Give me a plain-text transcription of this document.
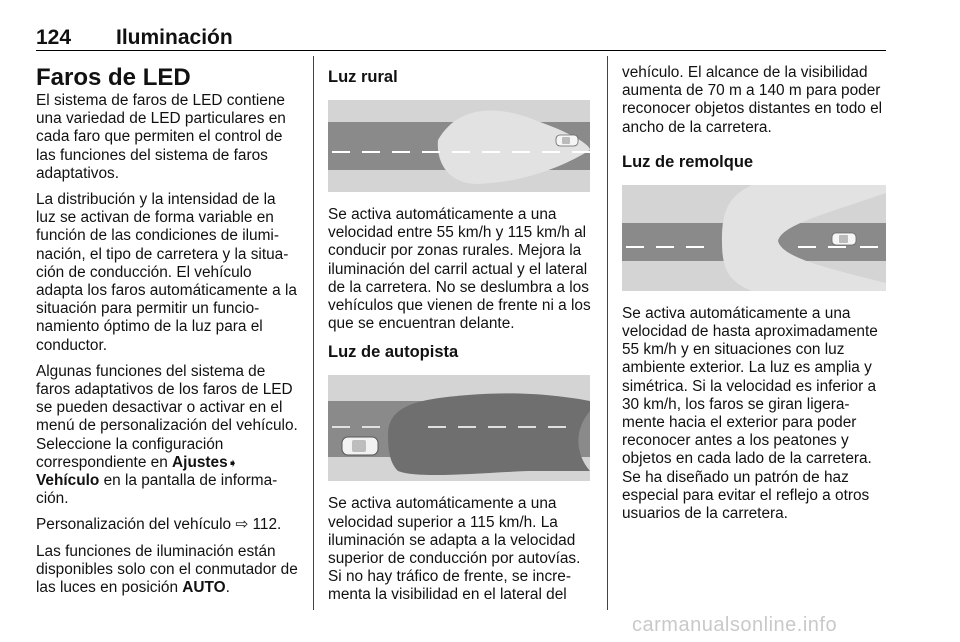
124 Iluminación
Faros de LED

El sistema de faros de LED contiene una variedad de LED particulares en cada faro que permiten el control de las funciones del sistema de faros adaptativos.

La distribución y la intensidad de la luz se activan de forma variable en función de las condiciones de ilumi- nación, el tipo de carretera y la situa- ción de conducción. El vehículo adapta los faros automáticamente a la situación para permitir un funcio- namiento óptimo de la luz para el conductor.

Algunas funciones del sistema de faros adaptativos de los faros de LED se pueden desactivar o activar en el menú de personalización del vehículo. Seleccione la configuración correspondiente en Ajustes➧
Vehículo en la pantalla de informa- ción.

Personalización del vehículo ⇨ 112.

Las funciones de iluminación están disponibles solo con el conmutador de las luces en posición AUTO.

Luz rural

Se activa automáticamente a una velocidad entre 55 km/h y 115 km/h al conducir por zonas rurales. Mejora la iluminación del carril actual y el lateral de la carretera. No se deslumbra a los vehículos que vienen de frente ni a los que se encuentran delante.

Luz de autopista

Se activa automáticamente a una velocidad superior a 115 km/h. La iluminación se adapta a la velocidad superior de conducción por autovías. Si no hay tráfico de frente, se incre- menta la visibilidad en el lateral del

vehículo. El alcance de la visibilidad aumenta de 70 m a 140 m para poder reconocer objetos distantes en todo el ancho de la carretera.

Luz de remolque

Se activa automáticamente a una velocidad de hasta aproximadamente 55 km/h y en situaciones con luz ambiente exterior. La luz es amplia y simétrica. Si la velocidad es inferior a 30 km/h, los faros se giran ligera- mente hacia el exterior para poder reconocer antes a los peatones y objetos en cada lado de la carretera. Se ha diseñado un patrón de haz especial para evitar el reflejo a otros usuarios de la carretera.

carmanualsonline.info
